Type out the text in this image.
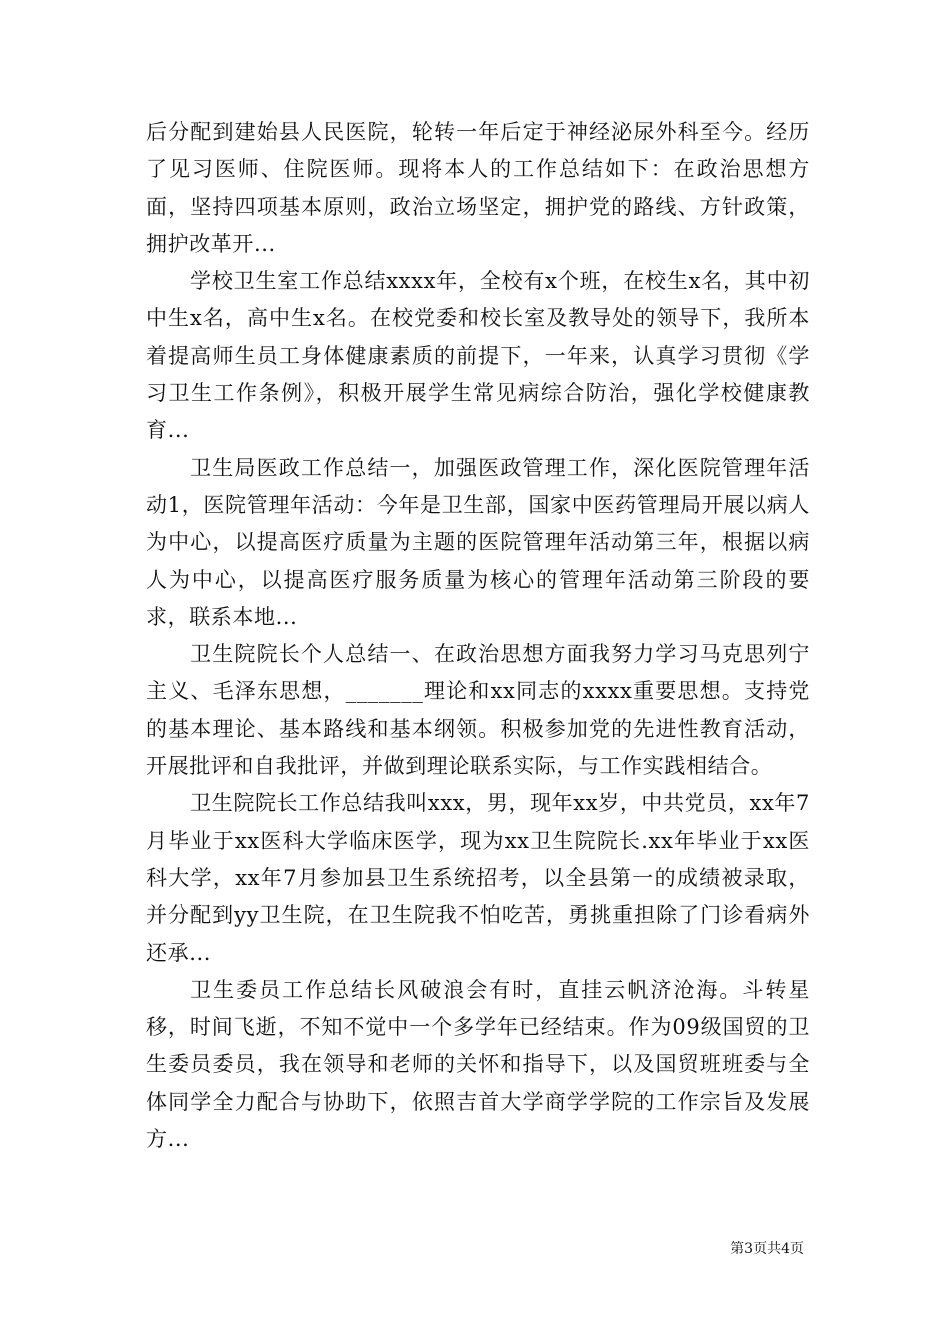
后分配到建始县人民医院，轮转一年后定于神经泌尿外科至今。经历了见习医师、住院医师。现将本人的工作总结如下：在政治思想方面，坚持四项基本原则，政治立场坚定，拥护党的路线、方针政策，拥护改革开...

学校卫生室工作总结xxxx年，全校有x个班，在校生x名，其中初中生x名，高中生x名。在校党委和校长室及教导处的领导下，我所本着提高师生员工身体健康素质的前提下，一年来，认真学习贯彻《学习卫生工作条例》，积极开展学生常见病综合防治，强化学校健康教育...

卫生局医政工作总结一，加强医政管理工作，深化医院管理年活动1，医院管理年活动：今年是卫生部，国家中医药管理局开展以病人为中心，以提高医疗质量为主题的医院管理年活动第三年，根据以病人为中心，以提高医疗服务质量为核心的管理年活动第三阶段的要求，联系本地...

卫生院院长个人总结一、在政治思想方面我努力学习马克思列宁主义、毛泽东思想，_______理论和xx同志的xxxx重要思想。支持党的基本理论、基本路线和基本纲领。积极参加党的先进性教育活动，开展批评和自我批评，并做到理论联系实际，与工作实践相结合。

卫生院院长工作总结我叫xxx，男，现年xx岁，中共党员，xx年7月毕业于xx医科大学临床医学，现为xx卫生院院长.xx年毕业于xx医科大学，xx年7月参加县卫生系统招考，以全县第一的成绩被录取，并分配到yy卫生院，在卫生院我不怕吃苦，勇挑重担除了门诊看病外还承...

卫生委员工作总结长风破浪会有时，直挂云帆济沧海。斗转星移，时间飞逝，不知不觉中一个多学年已经结束。作为09级国贸的卫生委员委员，我在领导和老师的关怀和指导下，以及国贸班班委与全体同学全力配合与协助下，依照吉首大学商学学院的工作宗旨及发展方...

第3页共4页
